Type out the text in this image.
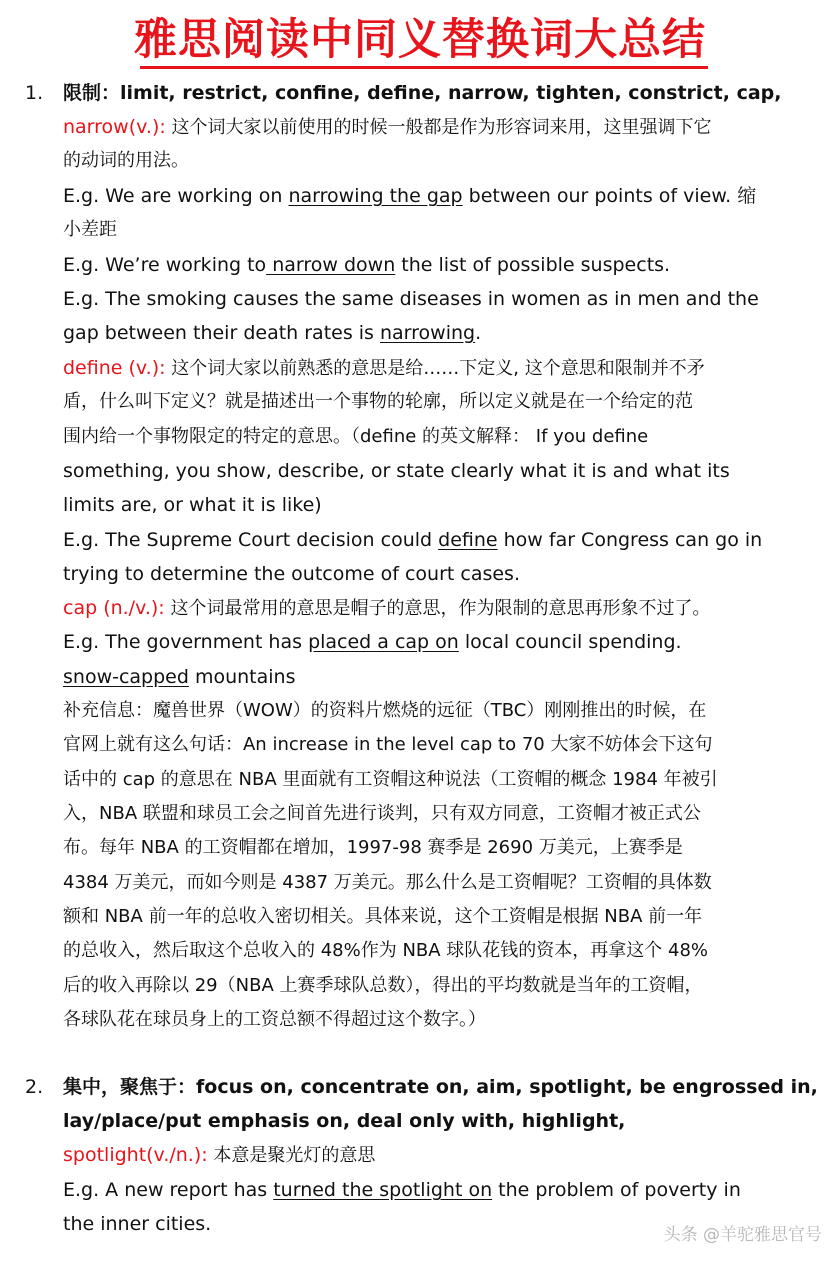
雅思阅读中同义替换词大总结
1. 限制：limit, restrict, confine, define, narrow, tighten, constrict, cap,
narrow(v.): 这个词大家以前使用的时候一般都是作为形容词来用，这里强调下它
的动词的用法。
E.g. We are working on narrowing the gap between our points of view. 缩
小差距
E.g. We’re working to narrow down the list of possible suspects.
E.g. The smoking causes the same diseases in women as in men and the
gap between their death rates is narrowing.
define (v.): 这个词大家以前熟悉的意思是给……下定义, 这个意思和限制并不矛
盾，什么叫下定义？就是描述出一个事物的轮廓，所以定义就是在一个给定的范
围内给一个事物限定的特定的意思。（define 的英文解释： If you define
something, you show, describe, or state clearly what it is and what its
limits are, or what it is like)
E.g. The Supreme Court decision could define how far Congress can go in
trying to determine the outcome of court cases.
cap (n./v.): 这个词最常用的意思是帽子的意思，作为限制的意思再形象不过了。
E.g. The government has placed a cap on local council spending.
snow-capped mountains
补充信息：魔兽世界（WOW）的资料片燃烧的远征（TBC）刚刚推出的时候，在
官网上就有这么句话：An increase in the level cap to 70 大家不妨体会下这句
话中的 cap 的意思在 NBA 里面就有工资帽这种说法（工资帽的概念 1984 年被引
入，NBA 联盟和球员工会之间首先进行谈判，只有双方同意，工资帽才被正式公
布。每年 NBA 的工资帽都在增加，1997-98 赛季是 2690 万美元，上赛季是
4384 万美元，而如今则是 4387 万美元。那么什么是工资帽呢？工资帽的具体数
额和 NBA 前一年的总收入密切相关。具体来说，这个工资帽是根据 NBA 前一年
的总收入，然后取这个总收入的 48%作为 NBA 球队花钱的资本，再拿这个 48%
后的收入再除以 29（NBA 上赛季球队总数），得出的平均数就是当年的工资帽，
各球队花在球员身上的工资总额不得超过这个数字。）
2. 集中，聚焦于：focus on, concentrate on, aim, spotlight, be engrossed in,
lay/place/put emphasis on, deal only with, highlight,
spotlight(v./n.): 本意是聚光灯的意思
E.g. A new report has turned the spotlight on the problem of poverty in
the inner cities.	头条 @羊驼雅思官号
